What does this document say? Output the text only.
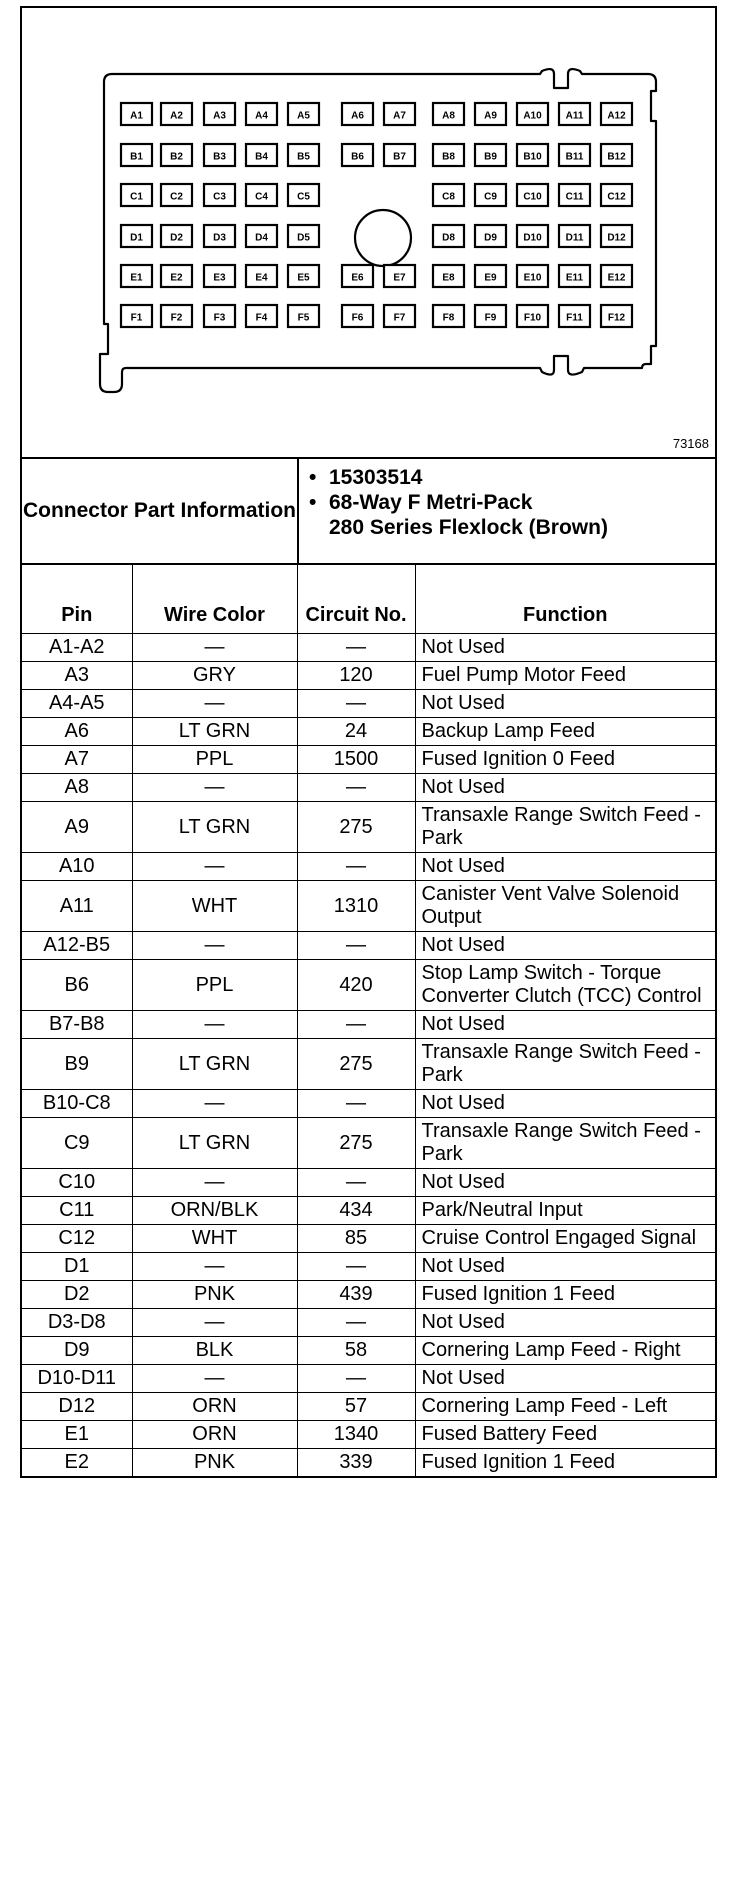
A1	A2	A3	A4	A5	A6	A7	A8	A9	A10 A11 A12
B1	B2	B3	B4	B5	B6	B7	B8	B9	B10 B11 B12
C1	C2	C3	C4	C5	C8	C9	C10 C11 C12
D1	D2	D3	D4	D5	D8	D9	D10 D11 D12
E1	E2	E3	E4	E5	E6	E7	E8	E9	E10 E11 E12
F1	F2	F3	F4	F5	F6	F7	F8	F9	F10	F11	F12
73168
Connector Part Information
• 15303514
• 68-Way F Metri-Pack
280 Series Flexlock (Brown)
Pin	Wire Color	Circuit No.	Function
A1-A2	—	—	Not Used
A3	GRY	120	Fuel Pump Motor Feed
A4-A5	—	—	Not Used
A6	LT GRN	24	Backup Lamp Feed
A7	PPL	1500	Fused Ignition 0 Feed
A8	—	—	Not Used
A9	LT GRN	275	Transaxle Range Switch Feed - Park
A10	—	—	Not Used
A11	WHT	1310	Canister Vent Valve Solenoid Output
A12-B5	—	—	Not Used
B6	PPL	420	Stop Lamp Switch - Torque Converter Clutch (TCC) Control
B7-B8	—	—	Not Used
B9	LT GRN	275	Transaxle Range Switch Feed - Park
B10-C8	—	—	Not Used
C9	LT GRN	275	Transaxle Range Switch Feed - Park
C10	—	—	Not Used
C11	ORN/BLK	434	Park/Neutral Input
C12	WHT	85	Cruise Control Engaged Signal
D1	—	—	Not Used
D2	PNK	439	Fused Ignition 1 Feed
D3-D8	—	—	Not Used
D9	BLK	58	Cornering Lamp Feed - Right
D10-D11	—	—	Not Used
D12	ORN	57	Cornering Lamp Feed - Left
E1	ORN	1340	Fused Battery Feed
E2	PNK	339	Fused Ignition 1 Feed
